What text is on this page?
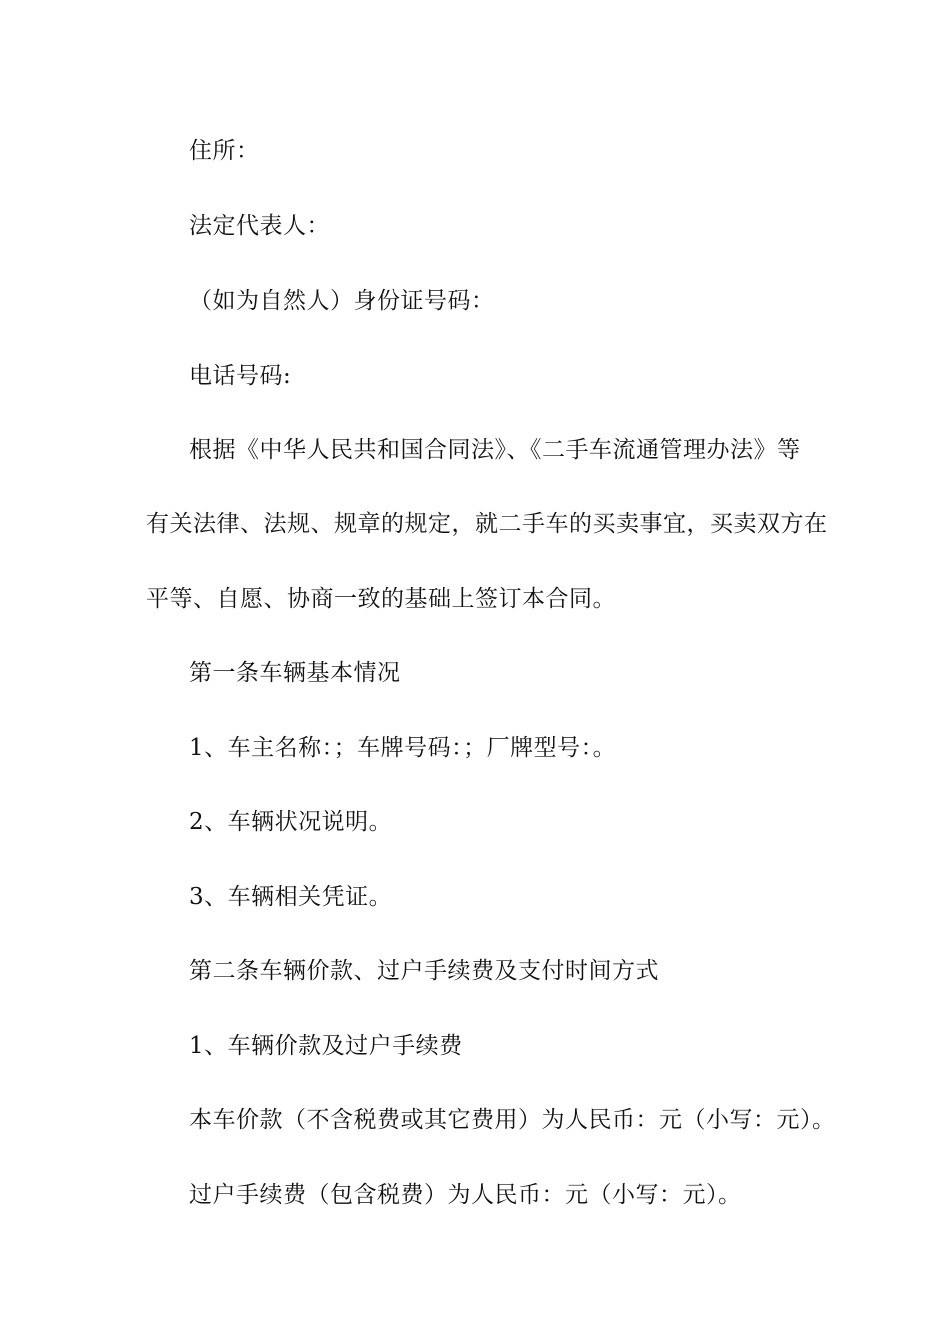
住所：
法定代表人：
（如为自然人）身份证号码：
电话号码:
根据《中华人民共和国合同法》、《二手车流通管理办法》等
有关法律、法规、规章的规定，就二手车的买卖事宜，买卖双方在
平等、自愿、协商一致的基础上签订本合同。
第一条车辆基本情况
1、车主名称：；车牌号码：；厂牌型号：。
2、车辆状况说明。
3、车辆相关凭证。
第二条车辆价款、过户手续费及支付时间方式
1、车辆价款及过户手续费
本车价款（不含税费或其它费用）为人民币：元（小写：元）。
过户手续费（包含税费）为人民币：元（小写：元）。
